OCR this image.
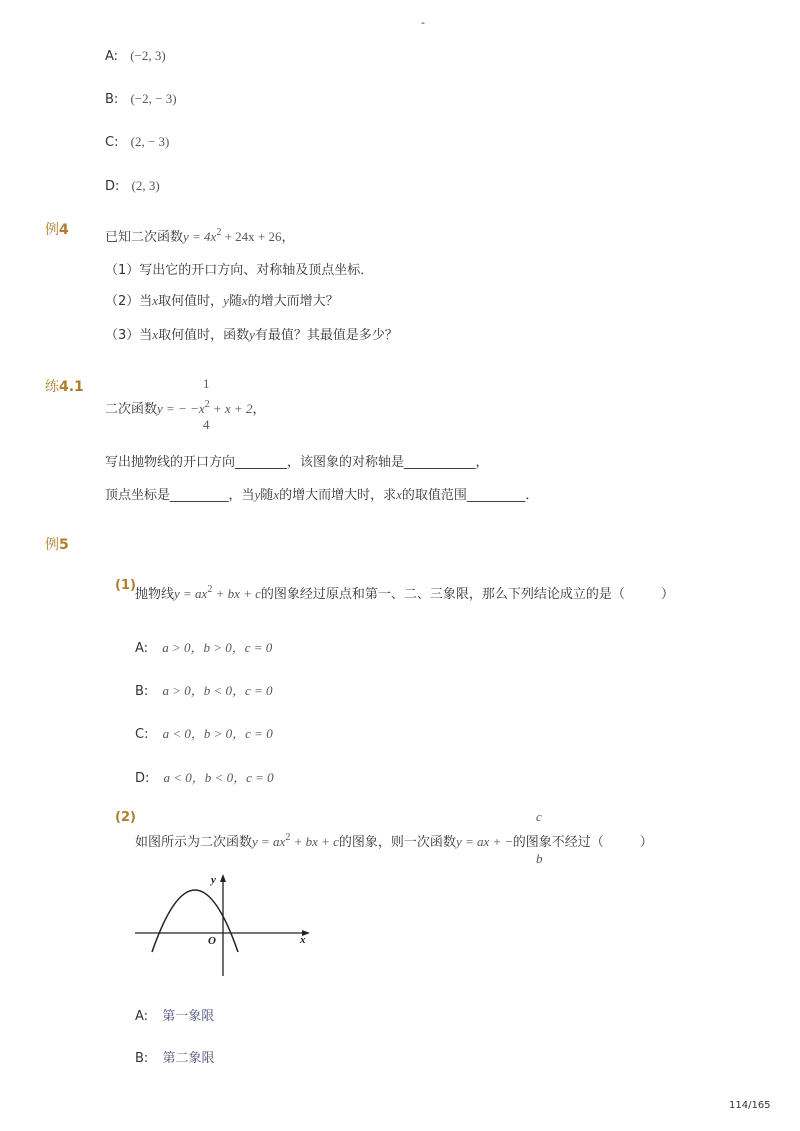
-
A: (−2, 3)
B: (−2, − 3)
C: (2, − 3)
D: (2, 3)
例4	已知二次函数$y = 4x^2 + 24x + 26$，
（1）写出它的开口方向、对称轴及顶点坐标．
（2）当x取何值时，y随x的增大而增大？
（3）当x取何值时，函数y有最值？其最值是多少？
练4.1	1
二次函数y = − $-x^2 + x + 2$，
4
写出抛物线的开口方向________，该图象的对称轴是___________，
顶点坐标是_________，当y随x的增大而增大时，求x的取值范围_________．
例5
(1)
抛物线$y = ax^2$ + bx + c的图象经过原点和第一、二、三象限，那么下列结论成立的是（	）
A: a > 0，b > 0，c = 0
B: a > 0，b < 0，c = 0
C: a < 0，b > 0，c = 0
D: a < 0，b < 0，c = 0
(2)	c
如图所示为二次函数$y = ax^2$ + bx + c的图象，则一次函数y = ax + −的图象不经过（	）
b
y
x
O
A: 第一象限
B: 第二象限
114/165
